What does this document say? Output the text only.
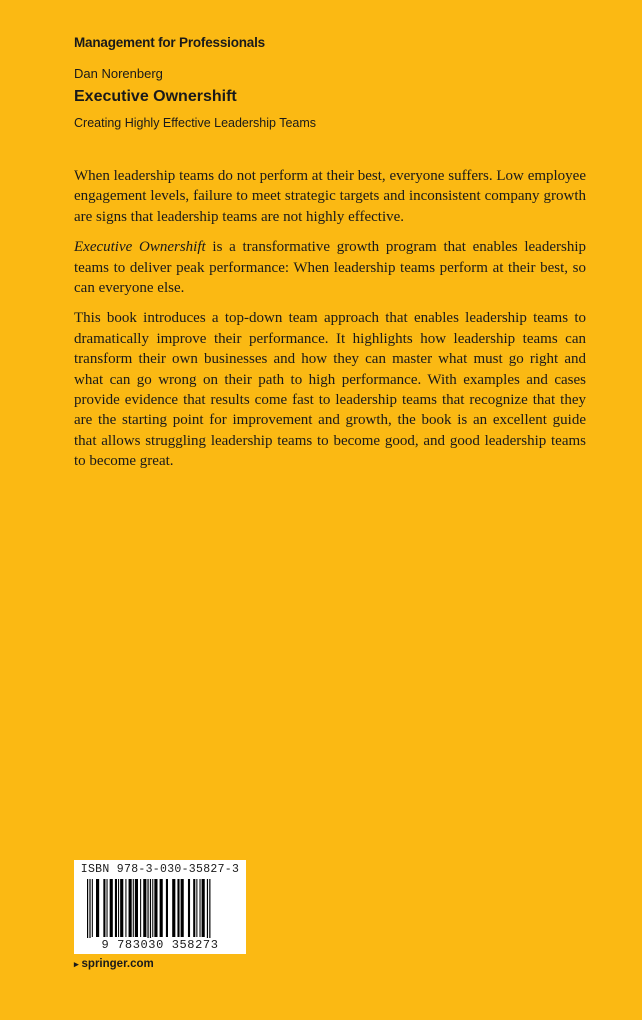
Management for Professionals
Dan Norenberg
Executive Ownershift
Creating Highly Effective Leadership Teams

When leadership teams do not perform at their best, everyone suffers. Low employee engagement levels, failure to meet strategic targets and inconsistent company growth are signs that leadership teams are not highly effective.

Executive Ownershift is a transformative growth program that enables leadership teams to deliver peak performance: When leadership teams perform at their best, so can everyone else.

This book introduces a top-down team approach that enables leadership teams to dramatically improve their performance. It highlights how leadership teams can transform their own businesses and how they can master what must go right and what can go wrong on their path to high performance. With examples and cases provide evidence that results come fast to leadership teams that recognize that they are the starting point for improvement and growth, the book is an excellent guide that allows struggling leadership teams to become good, and good leadership teams to become great.

ISBN 978-3-030-35827-3
9 783030 358273
▸ springer.com
